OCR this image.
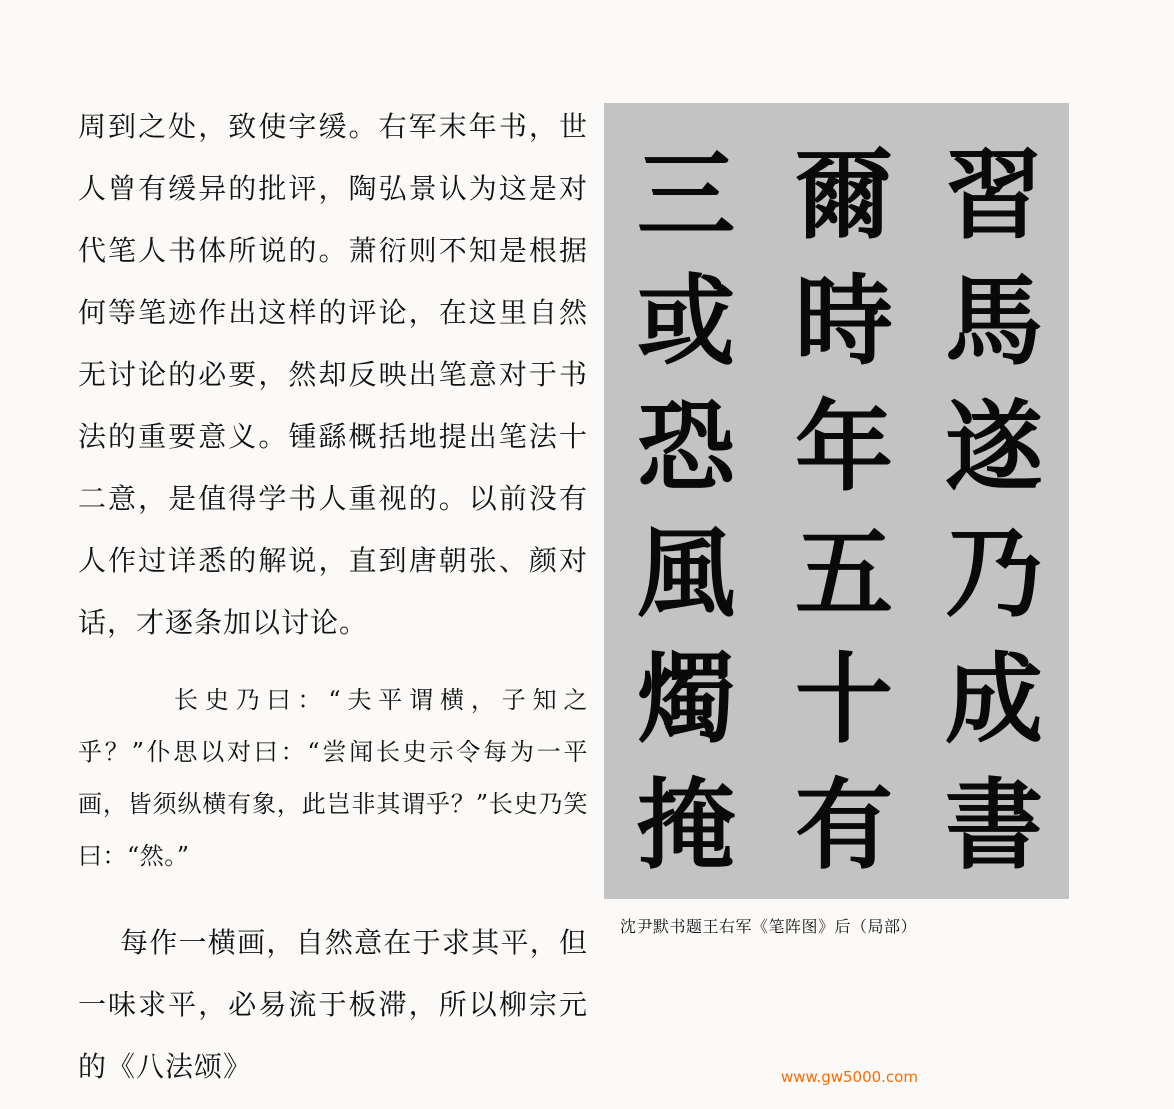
周到之处，致使字缓。右军末年书，世人曾有缓异的批评，陶弘景认为这是对代笔人书体所说的。萧衍则不知是根据何等笔迹作出这样的评论，在这里自然无讨论的必要，然却反映出笔意对于书法的重要意义。锺繇概括地提出笔法十二意，是值得学书人重视的。以前没有人作过详悉的解说，直到唐朝张、颜对话，才逐条加以讨论。

长史乃曰：“夫平谓横，子知之乎？”仆思以对曰：“尝闻长史示令每为一平画，皆须纵横有象，此岂非其谓乎？”长史乃笑曰：“然。”

每作一横画，自然意在于求其平，但一味求平，必易流于板滞，所以柳宗元的《八法颂》

習
馬
遂
乃
成
書
爾
時
年
五
十
有
三
或
恐
風
燭
掩
沈尹默书题王右军《笔阵图》后（局部）
www.gw5000.com
